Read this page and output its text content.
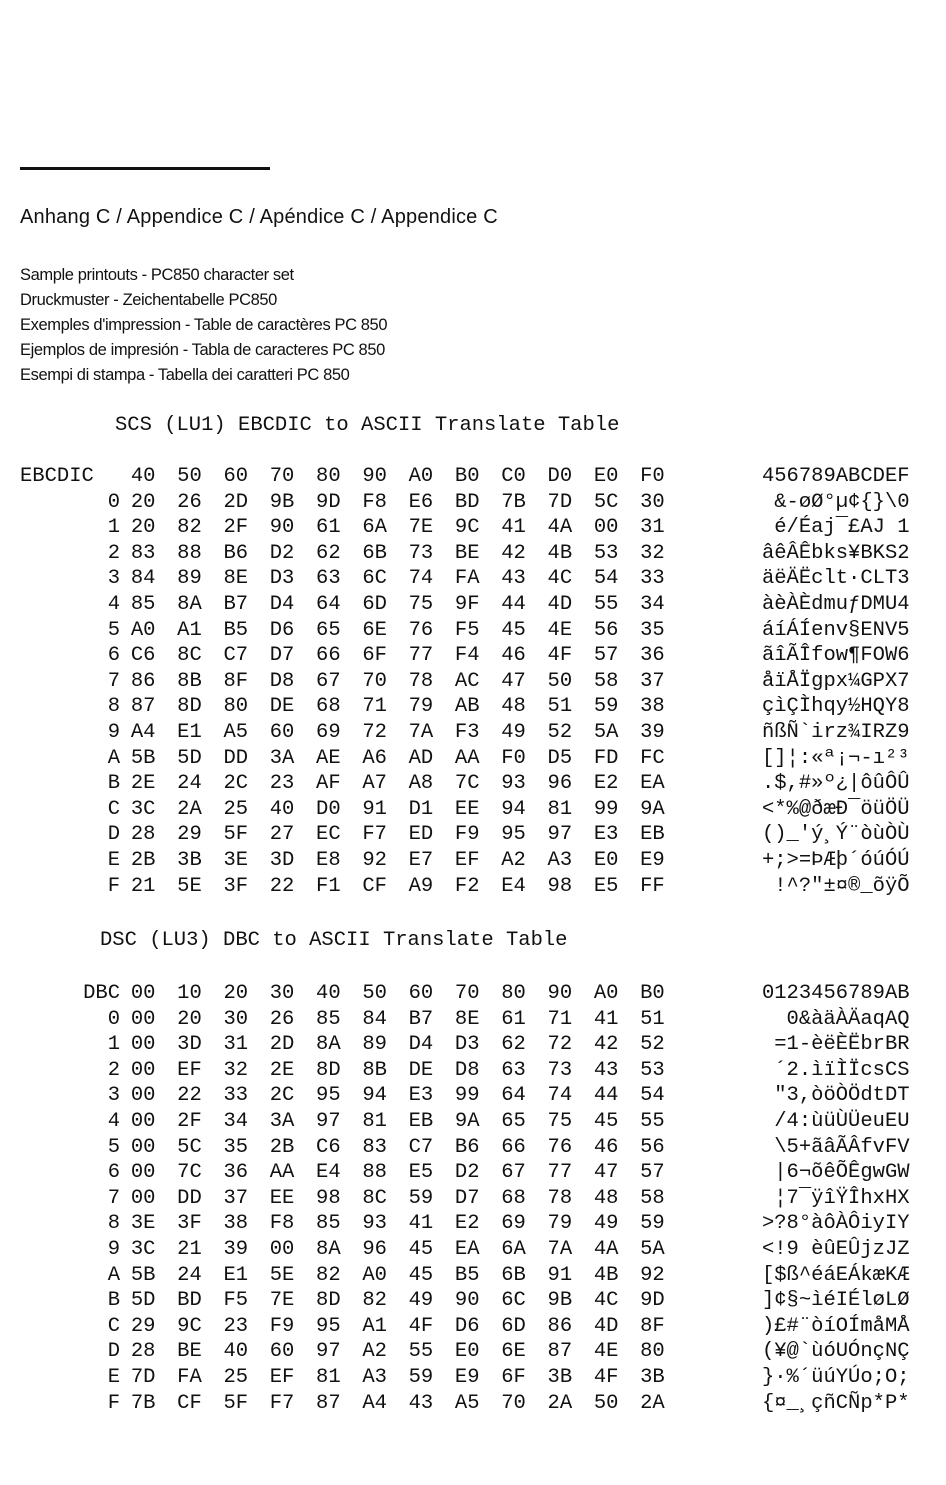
Anhang C / Appendice C / Apéndice C / Appendice C
Sample printouts - PC850 character set
Druckmuster - Zeichentabelle PC850
Exemples d'impression - Table de caractères PC 850
Ejemplos de impresión - Tabla de caracteres PC 850
Esempi di stampa - Tabella dei caratteri PC 850
SCS (LU1) EBCDIC to ASCII Translate Table
EBCDIC	40	50	60	70	80	90	A0	B0	C0	D0	E0	F0		456789ABCDEF
0	20	26	2D	9B	9D	F8	E6	BD	7B	7D	5C	30		&-øØ°µ¢{}\0
1	20	82	2F	90	61	6A	7E	9C	41	4A	00	31		é/Éaj¯£AJ 1
2	83	88	B6	D2	62	6B	73	BE	42	4B	53	32		âêÂÊbks¥BKS2
3	84	89	8E	D3	63	6C	74	FA	43	4C	54	33		äëÄËclt·CLT3
4	85	8A	B7	D4	64	6D	75	9F	44	4D	55	34		àèÀÈdmuƒDMU4
5	A0	A1	B5	D6	65	6E	76	F5	45	4E	56	35		áíÁÍenv§ENV5
6	C6	8C	C7	D7	66	6F	77	F4	46	4F	57	36		ãîÃÎfow¶FOW6
7	86	8B	8F	D8	67	70	78	AC	47	50	58	37		åïÅÏgpx¼GPX7
8	87	8D	80	DE	68	71	79	AB	48	51	59	38		çìÇÌhqy½HQY8
9	A4	E1	A5	60	69	72	7A	F3	49	52	5A	39		ñßÑ`irz¾IRZ9
A	5B	5D	DD	3A	AE	A6	AD	AA	F0	D5	FD	FC		[]¦:«ª¡¬-ı²³
B	2E	24	2C	23	AF	A7	A8	7C	93	96	E2	EA		.$,#»º¿|ôûÔÛ
C	3C	2A	25	40	D0	91	D1	EE	94	81	99	9A		<*%@ðæÐ¯öüÖÜ
D	28	29	5F	27	EC	F7	ED	F9	95	97	E3	EB		()_'ý¸Ý¨òùÒÙ
E	2B	3B	3E	3D	E8	92	E7	EF	A2	A3	E0	E9		+;>=ÞÆþ´óúÓÚ
F	21	5E	3F	22	F1	CF	A9	F2	E4	98	E5	FF		!^?"±¤®_õÿÕ
DSC (LU3) DBC to ASCII Translate Table
DBC	00	10	20	30	40	50	60	70	80	90	A0	B0		0123456789AB
0	00	20	30	26	85	84	B7	8E	61	71	41	51		0&àäÀÄaqAQ
1	00	3D	31	2D	8A	89	D4	D3	62	72	42	52		=1-èëÈËbrBR
2	00	EF	32	2E	8D	8B	DE	D8	63	73	43	53		´2.ìïÌÏcsCS
3	00	22	33	2C	95	94	E3	99	64	74	44	54		"3,òöÒÖdtDT
4	00	2F	34	3A	97	81	EB	9A	65	75	45	55		/4:ùüÙÜeuEU
5	00	5C	35	2B	C6	83	C7	B6	66	76	46	56		\5+ãâÃÂfvFV
6	00	7C	36	AA	E4	88	E5	D2	67	77	47	57		|6¬õêÕÊgwGW
7	00	DD	37	EE	98	8C	59	D7	68	78	48	58		¦7¯ÿîŸÎhxHX
8	3E	3F	38	F8	85	93	41	E2	69	79	49	59		>?8°àôÀÔiyIY
9	3C	21	39	00	8A	96	45	EA	6A	7A	4A	5A		<!9 èûEÛjzJZ
A	5B	24	E1	5E	82	A0	45	B5	6B	91	4B	92		[$ß^éáEÁkæKÆ
B	5D	BD	F5	7E	8D	82	49	90	6C	9B	4C	9D		]¢§~ìéIÉløLØ
C	29	9C	23	F9	95	A1	4F	D6	6D	86	4D	8F		)£#¨òíOÍmåMÅ
D	28	BE	40	60	97	A2	55	E0	6E	87	4E	80		(¥@`ùóUÓnçNÇ
E	7D	FA	25	EF	81	A3	59	E9	6F	3B	4F	3B		}·%´üúYÚo;O;
F	7B	CF	5F	F7	87	A4	43	A5	70	2A	50	2A		{¤_¸çñCÑp*P*
